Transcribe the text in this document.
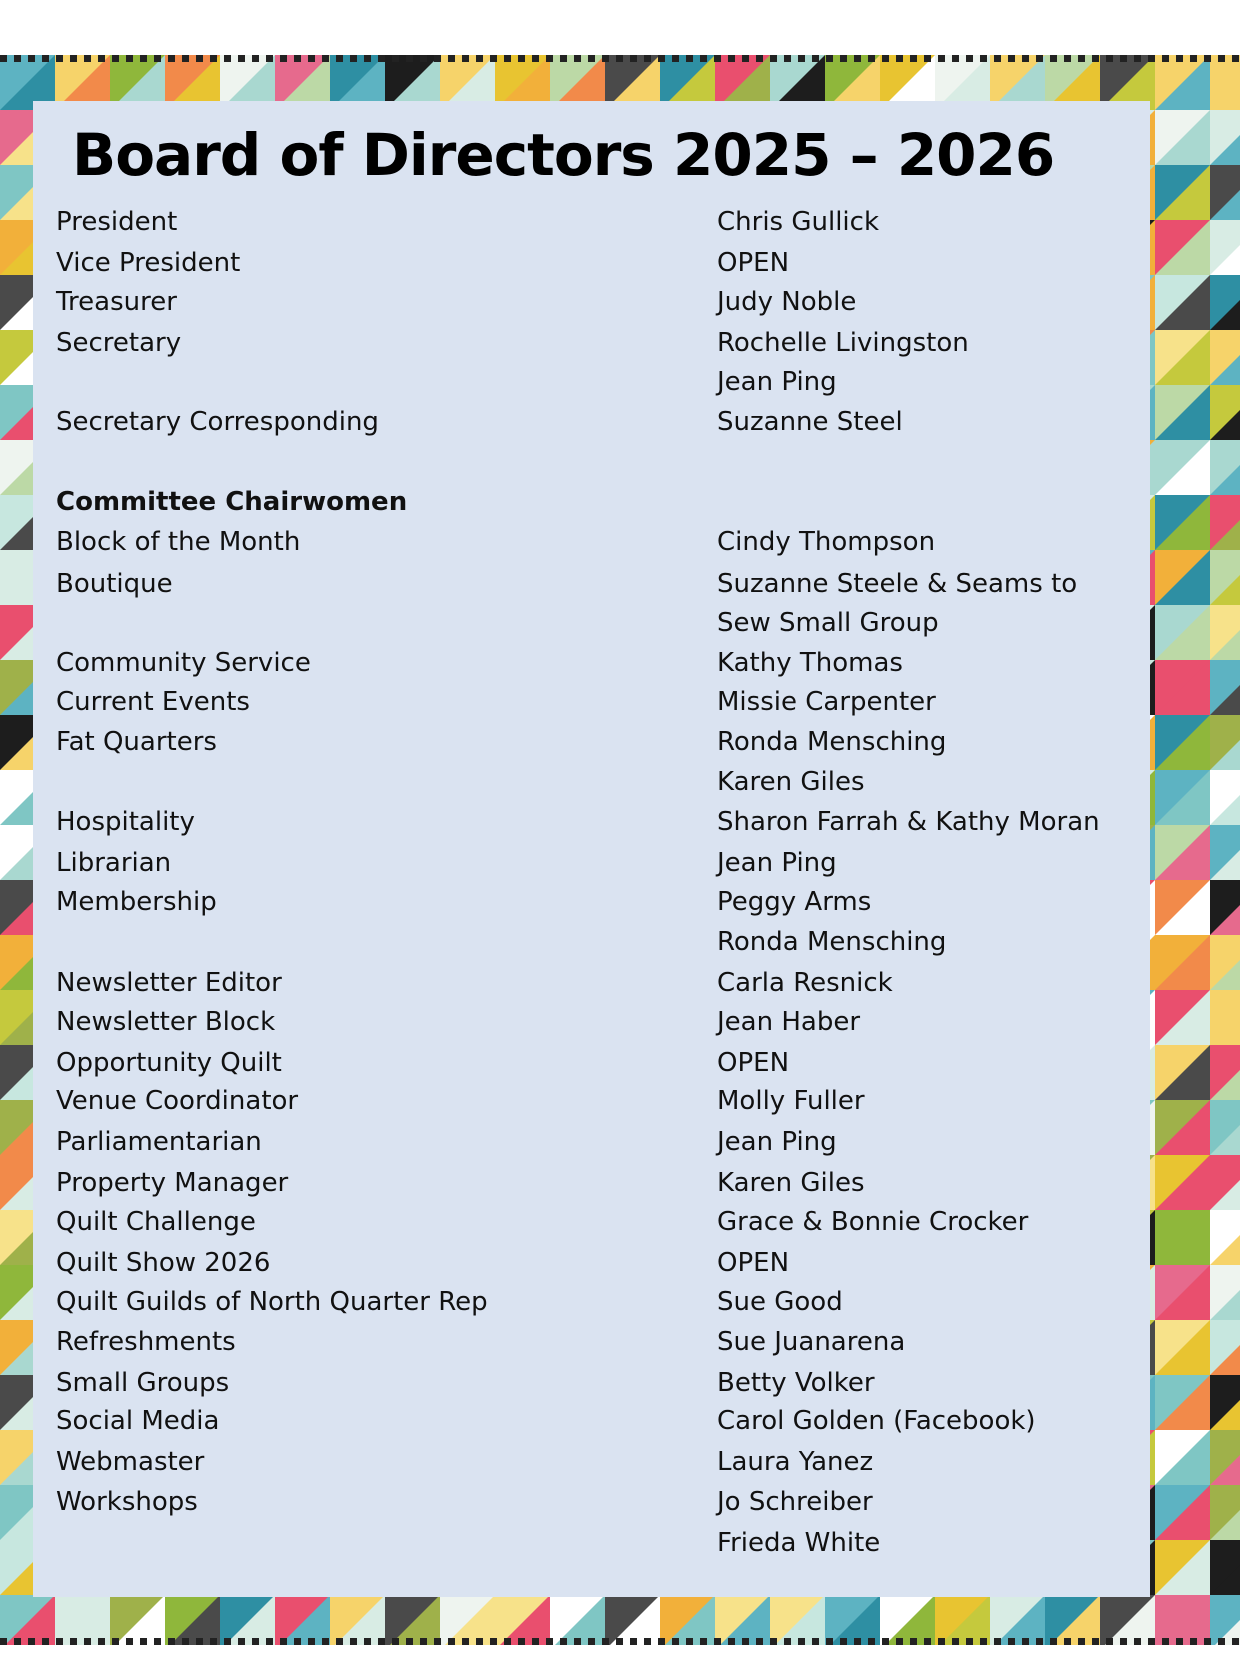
Board of Directors 2025 – 2026
President	Chris Gullick
Vice President	OPEN
Treasurer	Judy Noble
Secretary	Rochelle Livingston
Jean Ping
Secretary Corresponding	Suzanne Steel
Committee Chairwomen
Block of the Month	Cindy Thompson
Boutique	Suzanne Steele & Seams to
Sew Small Group
Community Service	Kathy Thomas
Current Events	Missie Carpenter
Fat Quarters	Ronda Mensching
Karen Giles
Hospitality	Sharon Farrah & Kathy Moran
Librarian	Jean Ping
Membership	Peggy Arms
Ronda Mensching
Newsletter Editor	Carla Resnick
Newsletter Block	Jean Haber
Opportunity Quilt	OPEN
Venue Coordinator	Molly Fuller
Parliamentarian	Jean Ping
Property Manager	Karen Giles
Quilt Challenge	Grace & Bonnie Crocker
Quilt Show 2026	OPEN
Quilt Guilds of North Quarter Rep	Sue Good
Refreshments	Sue Juanarena
Small Groups	Betty Volker
Social Media	Carol Golden (Facebook)
Webmaster	Laura Yanez
Workshops	Jo Schreiber
Frieda White
